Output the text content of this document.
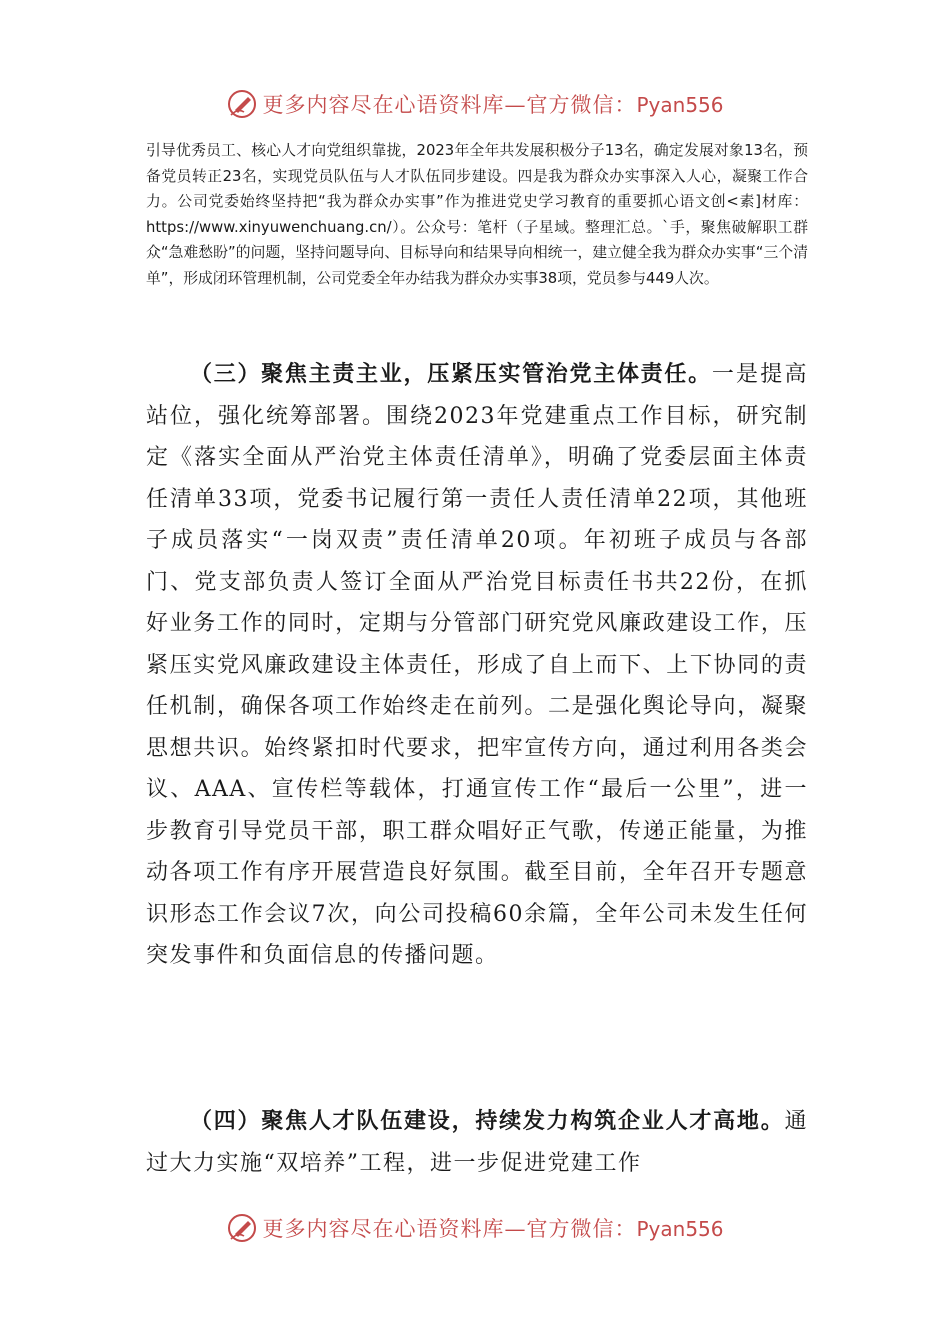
更多内容尽在心语资料库—官方微信：Pyan556

引导优秀员工、核心人才向党组织靠拢，2023年全年共发展积极分子13名，确定发展对象13名，预备党员转正23名，实现党员队伍与人才队伍同步建设。四是我为群众办实事深入人心，凝聚工作合力。公司党委始终坚持把“我为群众办实事”作为推进党史学习教育的重要抓心语文创<素]材库：https://www.xinyuwenchuang.cn/）。公众号：笔杆（子星域。整理汇总。`手，聚焦破解职工群众“急难愁盼”的问题，坚持问题导向、目标导向和结果导向相统一，建立健全我为群众办实事“三个清单”，形成闭环管理机制，公司党委全年办结我为群众办实事38项，党员参与449人次。

（三）聚焦主责主业，压紧压实管治党主体责任。一是提高站位，强化统筹部署。围绕2023年党建重点工作目标，研究制定《落实全面从严治党主体责任清单》，明确了党委层面主体责任清单33项，党委书记履行第一责任人责任清单22项，其他班子成员落实“一岗双责”责任清单20项。年初班子成员与各部门、党支部负责人签订全面从严治党目标责任书共22份，在抓好业务工作的同时，定期与分管部门研究党风廉政建设工作，压紧压实党风廉政建设主体责任，形成了自上而下、上下协同的责任机制，确保各项工作始终走在前列。二是强化舆论导向，凝聚思想共识。始终紧扣时代要求，把牢宣传方向，通过利用各类会议、AAA、宣传栏等载体，打通宣传工作“最后一公里”，进一步教育引导党员干部，职工群众唱好正气歌，传递正能量，为推动各项工作有序开展营造良好氛围。截至目前，全年召开专题意识形态工作会议7次，向公司投稿60余篇，全年公司未发生任何突发事件和负面信息的传播问题。

（四）聚焦人才队伍建设，持续发力构筑企业人才高地。通过大力实施“双培养”工程，进一步促进党建工作

更多内容尽在心语资料库—官方微信：Pyan556
